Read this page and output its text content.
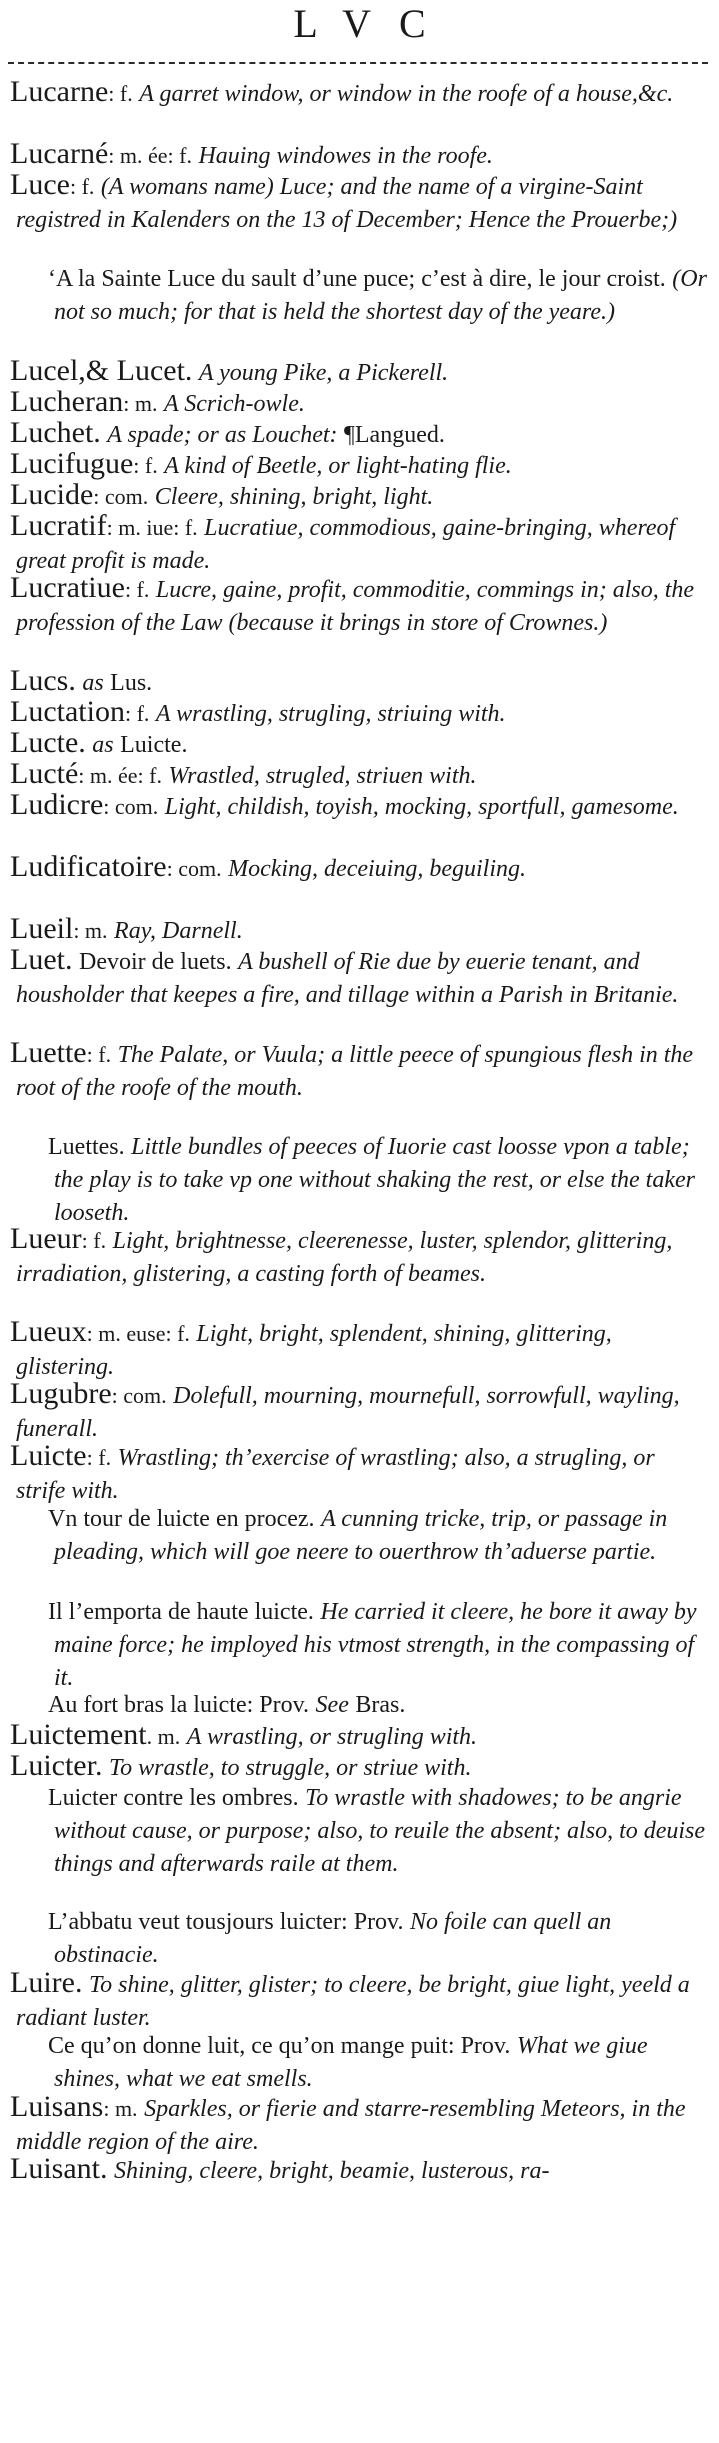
LVC

Lucarne: f. A garret window, or window in the roofe of a house,&c.

Lucarné: m. ée: f. Hauing windowes in the roofe.

Luce: f. (A womans name) Luce; and the name of a virgine-Saint registred in Kalenders on the 13 of December; Hence the Prouerbe;)

‘A la Sainte Luce du sault d’une puce; c’est à dire, le jour croist. (Or not so much; for that is held the shortest day of the yeare.)

Lucel,& Lucet. A young Pike, a Pickerell.

Lucheran: m. A Scrich-owle.

Luchet. A spade; or as Louchet: ¶Langued.

Lucifugue: f. A kind of Beetle, or light-hating flie.

Lucide: com. Cleere, shining, bright, light.

Lucratif: m. iue: f. Lucratiue, commodious, gaine-bringing, whereof great profit is made.

Lucratiue: f. Lucre, gaine, profit, commoditie, commings in; also, the profession of the Law (because it brings in store of Crownes.)

Lucs. as Lus.

Luctation: f. A wrastling, strugling, striuing with.

Lucte. as Luicte.

Lucté: m. ée: f. Wrastled, strugled, striuen with.

Ludicre: com. Light, childish, toyish, mocking, sportfull, gamesome.

Ludificatoire: com. Mocking, deceiuing, beguiling.

Lueil: m. Ray, Darnell.

Luet. Devoir de luets. A bushell of Rie due by euerie tenant, and housholder that keepes a fire, and tillage within a Parish in Britanie.

Luette: f. The Palate, or Vuula; a little peece of spungious flesh in the root of the roofe of the mouth.

Luettes. Little bundles of peeces of Iuorie cast loosse vpon a table; the play is to take vp one without shaking the rest, or else the taker looseth.

Lueur: f. Light, brightnesse, cleerenesse, luster, splendor, glittering, irradiation, glistering, a casting forth of beames.

Lueux: m. euse: f. Light, bright, splendent, shining, glittering, glistering.

Lugubre: com. Dolefull, mourning, mournefull, sorrowfull, wayling, funerall.

Luicte: f. Wrastling; th’exercise of wrastling; also, a strugling, or strife with.

Vn tour de luicte en procez. A cunning tricke, trip, or passage in pleading, which will goe neere to ouerthrow th’aduerse partie.

Il l’emporta de haute luicte. He carried it cleere, he bore it away by maine force; he imployed his vtmost strength, in the compassing of it.

Au fort bras la luicte: Prov. See Bras.

Luictement. m. A wrastling, or strugling with.

Luicter. To wrastle, to struggle, or striue with.

Luicter contre les ombres. To wrastle with shadowes; to be angrie without cause, or purpose; also, to reuile the absent; also, to deuise things and afterwards raile at them.

L’abbatu veut tousjours luicter: Prov. No foile can quell an obstinacie.

Luire. To shine, glitter, glister; to cleere, be bright, giue light, yeeld a radiant luster.

Ce qu’on donne luit, ce qu’on mange puit: Prov. What we giue shines, what we eat smells.

Luisans: m. Sparkles, or fierie and starre-resembling Meteors, in the middle region of the aire.

Luisant. Shining, cleere, bright, beamie, lusterous, ra-
